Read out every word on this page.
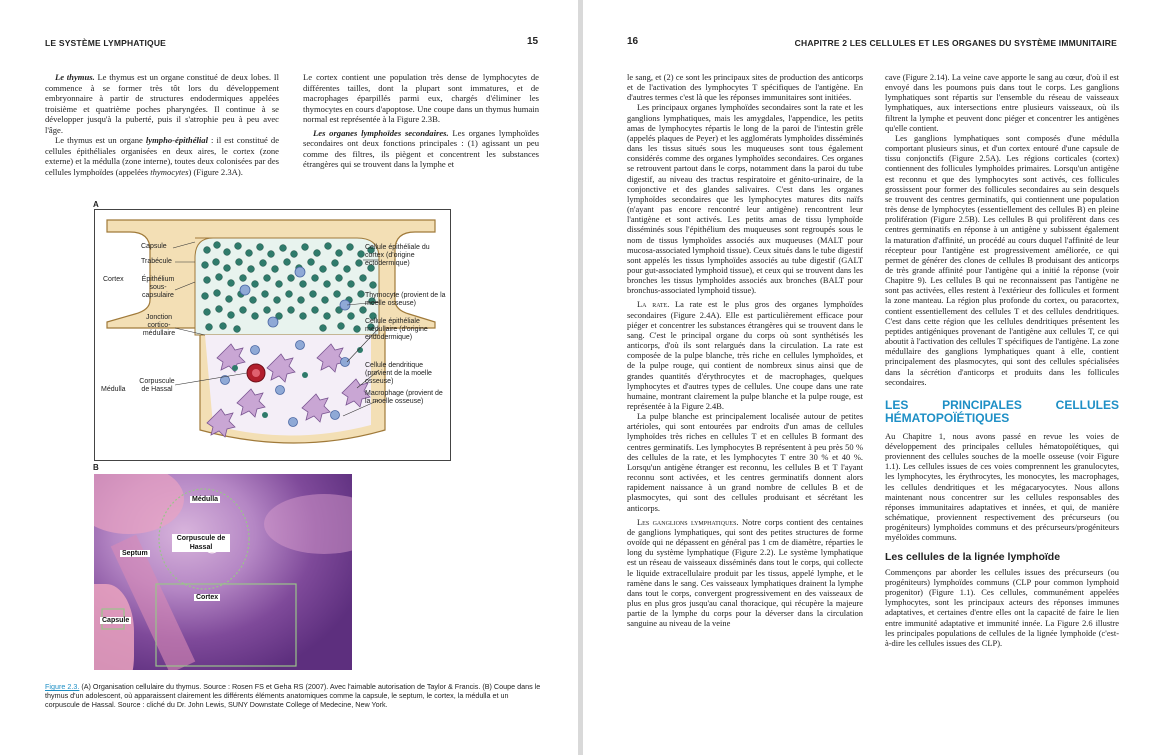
LE SYSTÈME LYMPHATIQUE	15

Le thymus. Le thymus est un organe constitué de deux lobes. Il commence à se former très tôt lors du développement embryonnaire à partir de structures endodermiques appelées troisième et quatrième poches pharyngées. Il continue à se développer jusqu'à la puberté, puis il s'atrophie peu à peu avec l'âge.

Le thymus est un organe lympho-épithélial : il est constitué de cellules épithéliales organisées en deux aires, le cortex (zone externe) et la médulla (zone interne), toutes deux colonisées par des cellules lymphoïdes (appelées thymocytes) (Figure 2.3A).

Le cortex contient une population très dense de lymphocytes de différentes tailles, dont la plupart sont immatures, et de macrophages éparpillés parmi eux, chargés d'éliminer les thymocytes en cours d'apoptose. Une coupe dans un thymus humain normal est représentée à la Figure 2.3B.

Les organes lymphoïdes secondaires. Les organes lymphoïdes secondaires ont deux fonctions principales : (1) agissant un peu comme des filtres, ils piègent et concentrent les substances étrangères qui se trouvent dans la lymphe et

A
Capsule
Trabécule
Cortex	Épithélium sous-capsulaire
Jonction cortico-médullaire
Médulla
Corpuscule de Hassal
Cellule épithéliale du cortex (d'origine ectodermique)
Thymocyte (provient de la moelle osseuse)
Cellule épithéliale médullaire (d'origine endodermique)
Cellule dendritique (provient de la moelle osseuse)
Macrophage (provient de la moelle osseuse)
B
Médulla
Corpuscule de Hassal
Septum
Cortex
Capsule
Figure 2.3. (A) Organisation cellulaire du thymus. Source : Rosen FS et Geha RS (2007). Avec l'aimable autorisation de Taylor & Francis. (B) Coupe dans le thymus d'un adolescent, où apparaissent clairement les différents éléments anatomiques comme la capsule, le septum, le cortex, la médulla et un corpuscule de Hassal. Source : cliché du Dr. John Lewis, SUNY Downstate College of Medecine, New York.
16	CHAPITRE 2 LES CELLULES ET LES ORGANES DU SYSTÈME IMMUNITAIRE

le sang, et (2) ce sont les principaux sites de production des anticorps et de l'activation des lymphocytes T spécifiques de l'antigène. En d'autres termes c'est là que les réponses immunitaires sont initiées.

Les principaux organes lymphoïdes secondaires sont la rate et les ganglions lymphatiques, mais les amygdales, l'appendice, les petits amas de lymphocytes répartis le long de la paroi de l'intestin grêle (appelés plaques de Peyer) et les agglomérats lymphoïdes disséminés dans les tissus situés sous les muqueuses sont tous également considérés comme des organes lymphoïdes secondaires. Ces organes se retrouvent partout dans le corps, notamment dans la paroi du tube digestif, au niveau des tractus respiratoire et génito-urinaire, de la conjonctive et des glandes salivaires. C'est dans les organes lymphoïdes secondaires que les lymphocytes matures dits naïfs (n'ayant pas encore rencontré leur antigène) rencontrent leur l'antigène et sont activés. Les petits amas de tissu lymphoïde disséminés sous l'épithélium des muqueuses sont regroupés sous le nom de tissus lymphoïdes associés aux muqueuses (MALT pour mucosa-associated lymphoid tissue). Ceux situés dans le tube digestif sont appelés les tissus lymphoïdes associés au tube digestif (GALT pour gut-associated lymphoid tissue), et ceux qui se trouvent dans les bronches les tissus lymphoïdes associés aux bronches (BALT pour bronchus-associated lymphoid tissue).

La rate. La rate est le plus gros des organes lymphoïdes secondaires (Figure 2.4A). Elle est particulièrement efficace pour piéger et concentrer les substances étrangères qui se trouvent dans le sang. C'est le principal organe du corps où sont synthétisés les anticorps, d'où ils sont relargués dans la circulation. La rate est composée de la pulpe blanche, très riche en cellules lymphoïdes, et de la pulpe rouge, qui contient de nombreux sinus ainsi que de grandes quantités d'érythrocytes et de macrophages, quelques lymphocytes et d'autres types de cellules. Une coupe dans une rate humaine, montrant clairement la pulpe blanche et la pulpe rouge, est représentée à la Figure 2.4B.

La pulpe blanche est principalement localisée autour de petites artérioles, qui sont entourées par endroits d'un amas de cellules lymphoïdes très riches en cellules T et en cellules B formant des centres germinatifs. Les lymphocytes B représentent à peu près 50 % des cellules de la rate, et les lymphocytes T entre 30 % et 40 %. Lorsqu'un antigène étranger est reconnu, les cellules B et T l'ayant reconnu sont activées, et les centres germinatifs donnent alors rapidement naissance à un grand nombre de cellules B et de plasmocytes, qui sont des cellules produisant et sécrétant les anticorps.

Les ganglions lymphatiques. Notre corps contient des centaines de ganglions lymphatiques, qui sont des petites structures de forme ovoïde qui ne dépassent en général pas 1 cm de diamètre, réparties le long du système lymphatique (Figure 2.2). Le système lymphatique est un réseau de vaisseaux disséminés dans tout le corps, qui collecte le liquide extracellulaire produit par les tissus, appelé lymphe, et le ramène dans le sang. Ces vaisseaux lymphatiques drainent la lymphe dans tout le corps, convergent progressivement en des vaisseaux de plus en plus gros jusqu'au canal thoracique, qui récupère la majeure partie de la lymphe du corps pour la déverser dans la circulation sanguine au niveau de la veine

cave (Figure 2.14). La veine cave apporte le sang au cœur, d'où il est envoyé dans les poumons puis dans tout le corps. Les ganglions lymphatiques sont répartis sur l'ensemble du réseau de vaisseaux lymphatiques, aux intersections entre plusieurs vaisseaux, où ils filtrent la lymphe et peuvent donc piéger et concentrer les antigènes qu'elle contient.

Les ganglions lymphatiques sont composés d'une médulla comportant plusieurs sinus, et d'un cortex entouré d'une capsule de tissu conjonctifs (Figure 2.5A). Les régions corticales (cortex) contiennent des follicules lymphoïdes primaires. Lorsqu'un antigène est reconnu et que des lymphocytes sont activés, ces follicules grossissent pour former des follicules secondaires au sein desquels se trouvent des centres germinatifs, qui contiennent une population très dense de lymphocytes (essentiellement des cellules B) en pleine prolifération (Figure 2.5B). Les cellules B qui prolifèrent dans ces centres germinatifs en réponse à un antigène y subissent également la maturation d'affinité, un procédé au cours duquel l'affinité de leur récepteur pour l'antigène est progressivement améliorée, ce qui permet de générer des clones de cellules B produisant des anticorps de très grande affinité pour l'antigène qui a initié la réponse (voir Chapitre 9). Les cellules B qui ne reconnaissent pas l'antigène ne sont pas activées, elles restent à l'extérieur des follicules et forment la zone manteau. La région plus profonde du cortex, ou paracortex, contient essentiellement des cellules T et des cellules dendritiques. C'est dans cette région que les cellules dendritiques présentent les peptides antigéniques provenant de l'antigène aux cellules T, ce qui aboutit à l'activation des cellules T spécifiques de l'antigène. La zone médullaire des ganglions lymphatiques quant à elle, contient principalement des plasmocytes, qui sont des cellules spécialisées dans la sécrétion d'anticorps et produits dans les follicules secondaires.

LES PRINCIPALES CELLULES HÉMATOPOÏÉTIQUES

Au Chapitre 1, nous avons passé en revue les voies de développement des principales cellules hématopoïétiques, qui proviennent des cellules souches de la moelle osseuse (voir Figure 1.1). Les cellules issues de ces voies comprennent les granulocytes, les lymphocytes, les érythrocytes, les monocytes, les macrophages, les cellules dendritiques et les mégacaryocytes. Nous allons maintenant nous concentrer sur les cellules responsables des réponses immunitaires adaptatives et innées, et qui, de manière schématique, proviennent respectivement des précurseurs (ou progéniteurs) lymphoïdes communs et des précurseurs/progéniteurs myéloïdes communs.

Les cellules de la lignée lymphoïde

Commençons par aborder les cellules issues des précurseurs (ou progéniteurs) lymphoïdes communs (CLP pour common lymphoid progenitor) (Figure 1.1). Ces cellules, communément appelées lymphocytes, sont les principaux acteurs des réponses immunes adaptatives, et certaines d'entre elles ont la capacité de faire le lien entre immunité adaptative et immunité innée. La Figure 2.6 illustre les principales populations de cellules de la lignée lymphoïde (c'est-à-dire les cellules issues des CLP).
